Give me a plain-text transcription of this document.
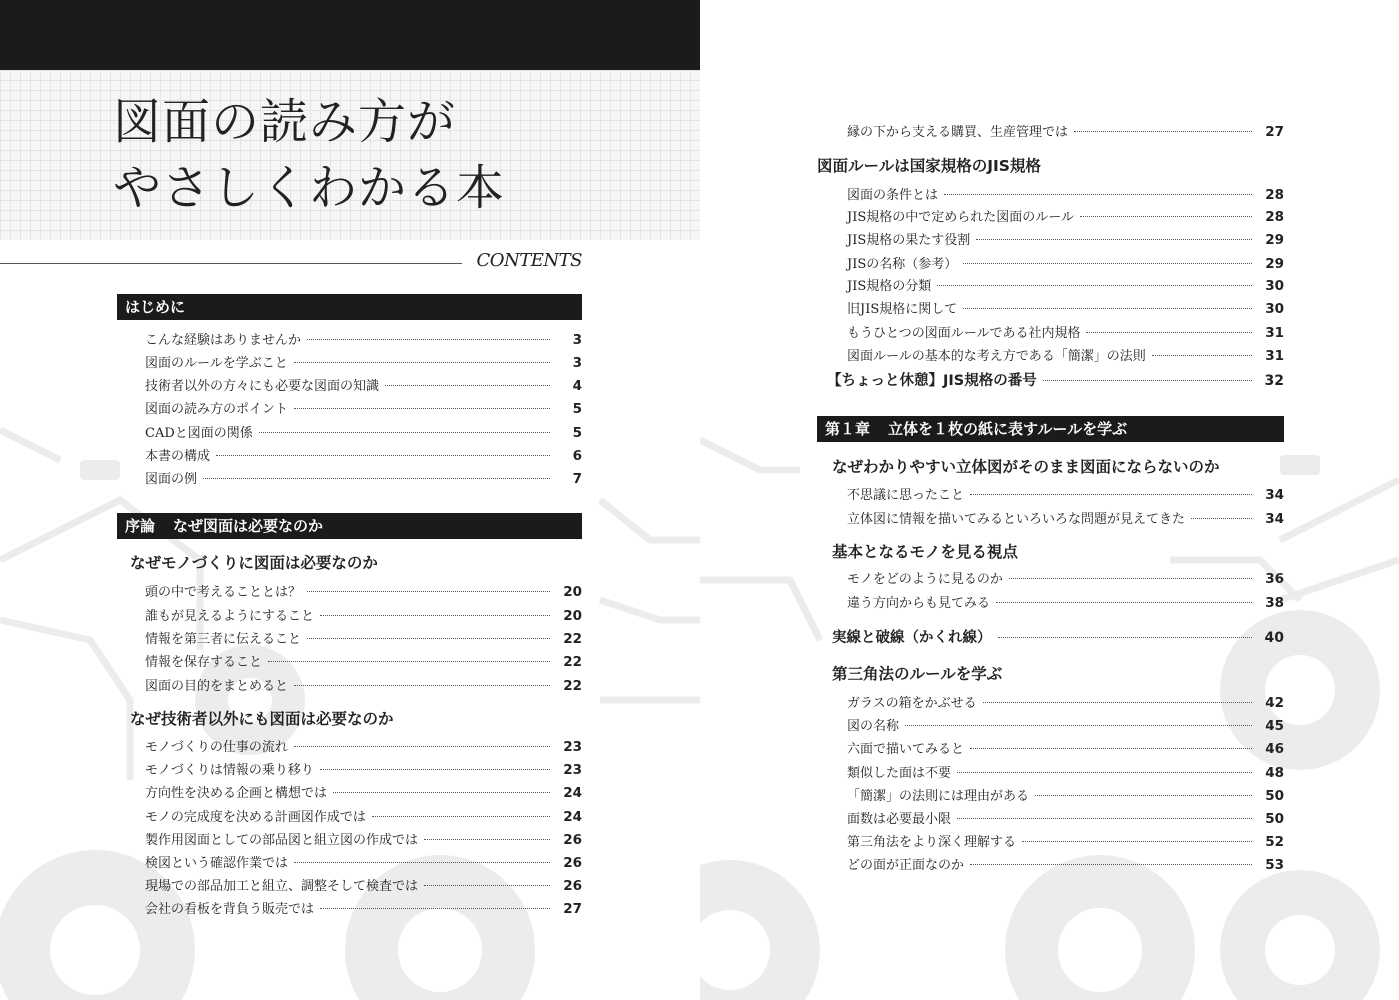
図面の読み方が
やさしくわかる本
CONTENTS
はじめに
こんな経験はありませんか	3
図面のルールを学ぶこと	3
技術者以外の方々にも必要な図面の知識	4
図面の読み方のポイント	5
CADと図面の関係	5
本書の構成	6
図面の例	7
序論 なぜ図面は必要なのか
なぜモノづくりに図面は必要なのか
頭の中で考えることとは？	20
誰もが見えるようにすること	20
情報を第三者に伝えること	22
情報を保存すること	22
図面の目的をまとめると	22
なぜ技術者以外にも図面は必要なのか
モノづくりの仕事の流れ	23
モノづくりは情報の乗り移り	23
方向性を決める企画と構想では	24
モノの完成度を決める計画図作成では	24
製作用図面としての部品図と組立図の作成では	26
検図という確認作業では	26
現場での部品加工と組立、調整そして検査では	26
会社の看板を背負う販売では	27
縁の下から支える購買、生産管理では	27
図面ルールは国家規格のJIS規格
図面の条件とは	28
JIS規格の中で定められた図面のルール	28
JIS規格の果たす役割	29
JISの名称（参考）	29
JIS規格の分類	30
旧JIS規格に関して	30
もうひとつの図面ルールである社内規格	31
図面ルールの基本的な考え方である「簡潔」の法則	31
【ちょっと休憩】JIS規格の番号	32
第１章 立体を１枚の紙に表すルールを学ぶ
なぜわかりやすい立体図がそのまま図面にならないのか
不思議に思ったこと	34
立体図に情報を描いてみるといろいろな問題が見えてきた	34
基本となるモノを見る視点
モノをどのように見るのか	36
違う方向からも見てみる	38
実線と破線（かくれ線）	40
第三角法のルールを学ぶ
ガラスの箱をかぶせる	42
図の名称	45
六面で描いてみると	46
類似した面は不要	48
「簡潔」の法則には理由がある	50
面数は必要最小限	50
第三角法をより深く理解する	52
どの面が正面なのか	53
